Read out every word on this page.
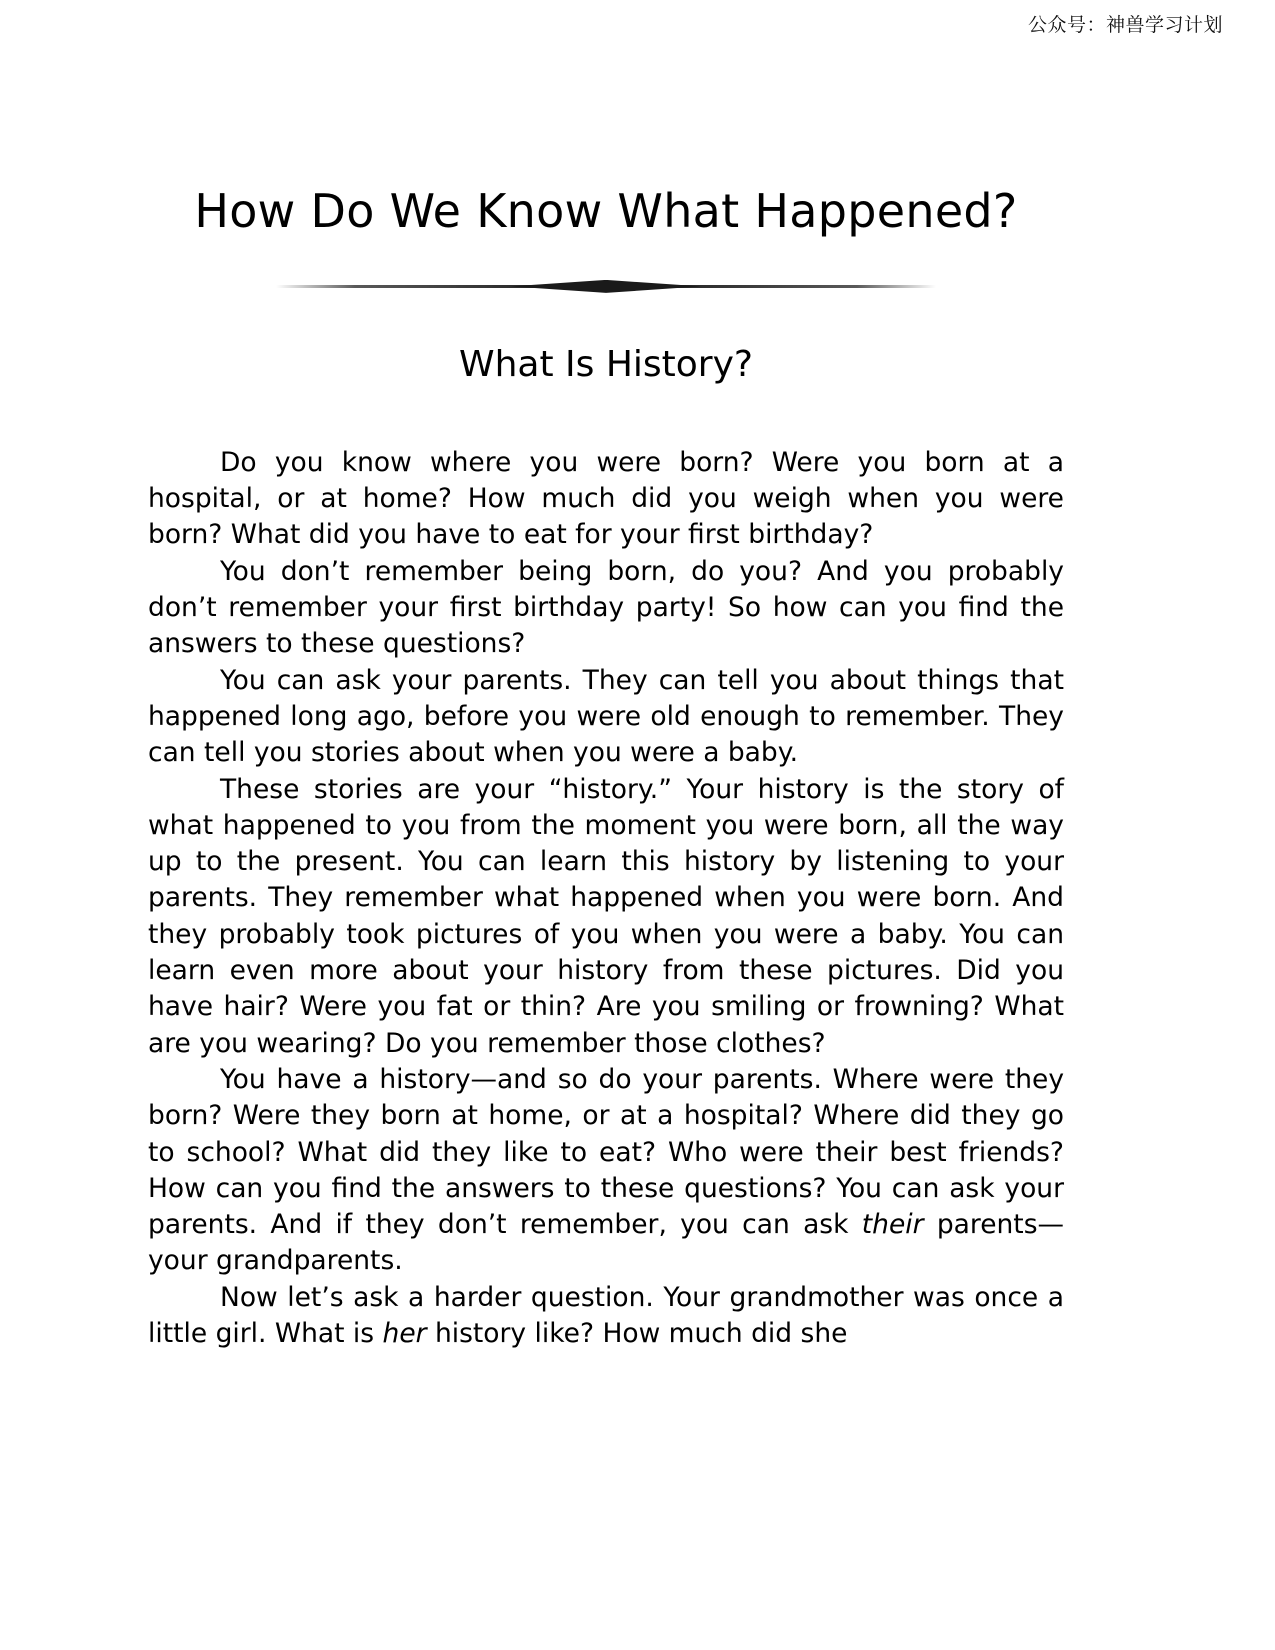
公众号：神兽学习计划
How Do We Know What Happened?
What Is History?

Do you know where you were born? Were you born at a hospital, or at home? How much did you weigh when you were born? What did you have to eat for your first birthday?

You don’t remember being born, do you? And you probably don’t remember your first birthday party! So how can you find the answers to these questions?

You can ask your parents. They can tell you about things that happened long ago, before you were old enough to remember. They can tell you stories about when you were a baby.

These stories are your “history.” Your history is the story of what happened to you from the moment you were born, all the way up to the present. You can learn this history by listening to your parents. They remember what happened when you were born. And they probably took pictures of you when you were a baby. You can learn even more about your history from these pictures. Did you have hair? Were you fat or thin? Are you smiling or frowning? What are you wearing? Do you remember those clothes?

You have a history—and so do your parents. Where were they born? Were they born at home, or at a hospital? Where did they go to school? What did they like to eat? Who were their best friends? How can you find the answers to these questions? You can ask your parents. And if they don’t remember, you can ask their parents—your grandparents.

Now let’s ask a harder question. Your grandmother was once a little girl. What is her history like? How much did she
